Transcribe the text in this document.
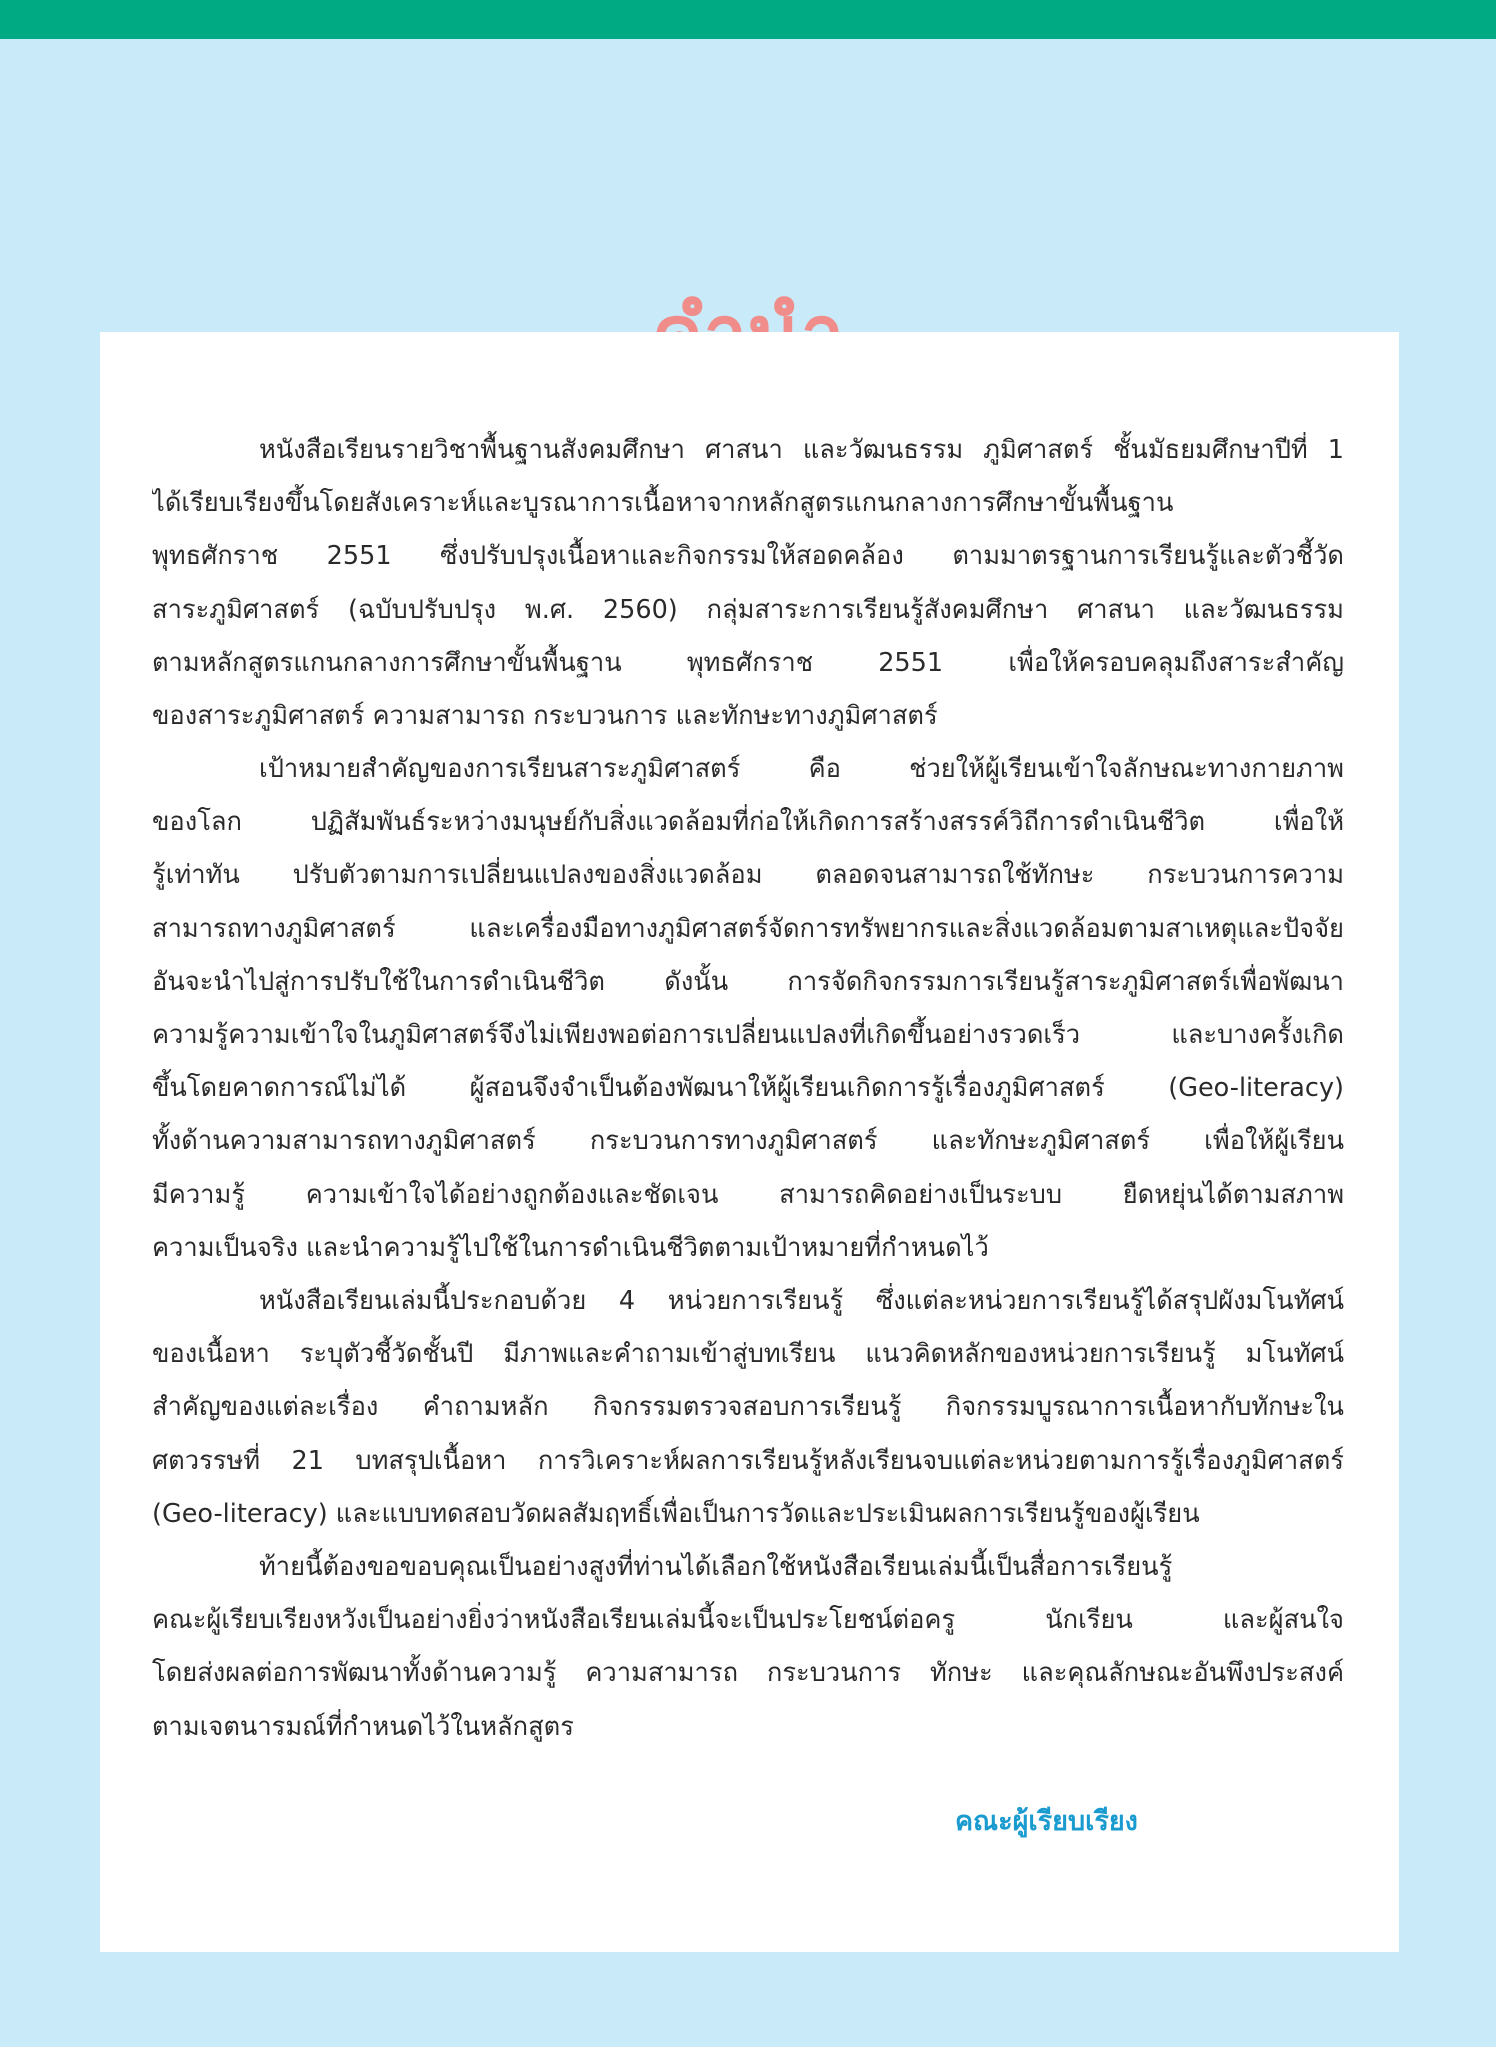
หนังสือเรียนรายวิชาพื้นฐานสังคมศึกษา ศาสนา และวัฒนธรรม ภูมิศาสตร์ ชั้นมัธยมศึกษาปีที่ 1
ได้เรียบเรียงขึ้นโดยสังเคราะห์และบูรณาการเนื้อหาจากหลักสูตรแกนกลางการศึกษาขั้นพื้นฐาน
พุทธศักราช 2551 ซึ่งปรับปรุงเนื้อหาและกิจกรรมให้สอดคล้อง ตามมาตรฐานการเรียนรู้และตัวชี้วัด
สาระภูมิศาสตร์ (ฉบับปรับปรุง พ.ศ. 2560) กลุ่มสาระการเรียนรู้สังคมศึกษา ศาสนา และวัฒนธรรม
ตามหลักสูตรแกนกลางการศึกษาขั้นพื้นฐาน พุทธศักราช 2551 เพื่อให้ครอบคลุมถึงสาระสำคัญ
ของสาระภูมิศาสตร์ ความสามารถ กระบวนการ และทักษะทางภูมิศาสตร์

เป้าหมายสำคัญของการเรียนสาระภูมิศาสตร์ คือ ช่วยให้ผู้เรียนเข้าใจลักษณะทางกายภาพ
ของโลก ปฏิสัมพันธ์ระหว่างมนุษย์กับสิ่งแวดล้อมที่ก่อให้เกิดการสร้างสรรค์วิถีการดำเนินชีวิต เพื่อให้
รู้เท่าทัน ปรับตัวตามการเปลี่ยนแปลงของสิ่งแวดล้อม ตลอดจนสามารถใช้ทักษะ กระบวนการความ
สามารถทางภูมิศาสตร์ และเครื่องมือทางภูมิศาสตร์จัดการทรัพยากรและสิ่งแวดล้อมตามสาเหตุและปัจจัย
อันจะนำไปสู่การปรับใช้ในการดำเนินชีวิต ดังนั้น การจัดกิจกรรมการเรียนรู้สาระภูมิศาสตร์เพื่อพัฒนา
ความรู้ความเข้าใจในภูมิศาสตร์จึงไม่เพียงพอต่อการเปลี่ยนแปลงที่เกิดขึ้นอย่างรวดเร็ว และบางครั้งเกิด
ขึ้นโดยคาดการณ์ไม่ได้ ผู้สอนจึงจำเป็นต้องพัฒนาให้ผู้เรียนเกิดการรู้เรื่องภูมิศาสตร์ (Geo-literacy)
ทั้งด้านความสามารถทางภูมิศาสตร์ กระบวนการทางภูมิศาสตร์ และทักษะภูมิศาสตร์ เพื่อให้ผู้เรียน
มีความรู้ ความเข้าใจได้อย่างถูกต้องและชัดเจน สามารถคิดอย่างเป็นระบบ ยืดหยุ่นได้ตามสภาพ
ความเป็นจริง และนำความรู้ไปใช้ในการดำเนินชีวิตตามเป้าหมายที่กำหนดไว้

หนังสือเรียนเล่มนี้ประกอบด้วย 4 หน่วยการเรียนรู้ ซึ่งแต่ละหน่วยการเรียนรู้ได้สรุปผังมโนทัศน์
ของเนื้อหา ระบุตัวชี้วัดชั้นปี มีภาพและคำถามเข้าสู่บทเรียน แนวคิดหลักของหน่วยการเรียนรู้ มโนทัศน์
สำคัญของแต่ละเรื่อง คำถามหลัก กิจกรรมตรวจสอบการเรียนรู้ กิจกรรมบูรณาการเนื้อหากับทักษะใน
ศตวรรษที่ 21 บทสรุปเนื้อหา การวิเคราะห์ผลการเรียนรู้หลังเรียนจบแต่ละหน่วยตามการรู้เรื่องภูมิศาสตร์
(Geo-literacy) และแบบทดสอบวัดผลสัมฤทธิ์เพื่อเป็นการวัดและประเมินผลการเรียนรู้ของผู้เรียน

ท้ายนี้ต้องขอขอบคุณเป็นอย่างสูงที่ท่านได้เลือกใช้หนังสือเรียนเล่มนี้เป็นสื่อการเรียนรู้
คณะผู้เรียบเรียงหวังเป็นอย่างยิ่งว่าหนังสือเรียนเล่มนี้จะเป็นประโยชน์ต่อครู นักเรียน และผู้สนใจ
โดยส่งผลต่อการพัฒนาทั้งด้านความรู้ ความสามารถ กระบวนการ ทักษะ และคุณลักษณะอันพึงประสงค์
ตามเจตนารมณ์ที่กำหนดไว้ในหลักสูตร

คณะผู้เรียบเรียง
